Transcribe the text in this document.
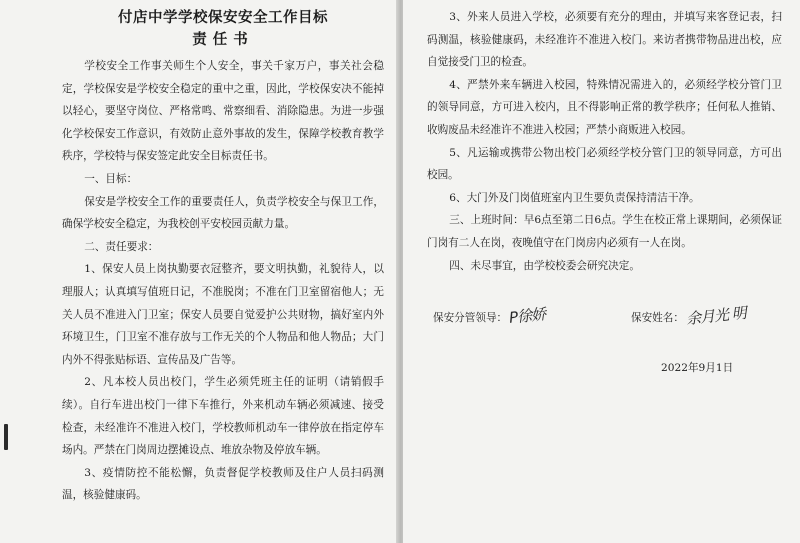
付店中学学校保安安全工作目标
责任书

学校安全工作事关师生个人安全，事关千家万户，事关社会稳定，学校保安是学校安全稳定的重中之重，因此，学校保安决不能掉以轻心，要坚守岗位、严格常鸣、常察细看、消除隐患。为进一步强化学校保安工作意识，有效防止意外事故的发生，保障学校教育教学秩序，学校特与保安签定此安全目标责任书。

一、目标：

保安是学校安全工作的重要责任人，负责学校安全与保卫工作，确保学校安全稳定，为我校创平安校园贡献力量。

二、责任要求：

1、保安人员上岗执勤要衣冠整齐，要文明执勤，礼貌待人，以理服人；认真填写值班日记，不准脱岗；不准在门卫室留宿他人；无关人员不准进入门卫室；保安人员要自觉爱护公共财物，搞好室内外环境卫生，门卫室不准存放与工作无关的个人物品和他人物品；大门内外不得张贴标语、宣传品及广告等。

2、凡本校人员出校门，学生必须凭班主任的证明（请销假手续）。自行车进出校门一律下车推行，外来机动车辆必须减速、接受检查，未经准许不准进入校门，学校教师机动车一律停放在指定停车场内。严禁在门岗周边摆摊设点、堆放杂物及停放车辆。

3、疫情防控不能松懈，负责督促学校教师及住户人员扫码测温，核验健康码。

3、外来人员进入学校，必须要有充分的理由，并填写来客登记表，扫码测温，核验健康码，未经准许不准进入校门。来访者携带物品进出校，应自觉接受门卫的检查。

4、严禁外来车辆进入校园，特殊情况需进入的，必须经学校分管门卫的领导同意，方可进入校内，且不得影响正常的教学秩序；任何私人推销、收购废品未经准许不准进入校园；严禁小商贩进入校园。

5、凡运输或携带公物出校门必须经学校分管门卫的领导同意，方可出校园。

6、大门外及门岗值班室内卫生要负责保持清洁干净。

三、上班时间：早6点至第二日6点。学生在校正常上课期间，必须保证门岗有二人在岗，夜晚值守在门岗房内必须有一人在岗。

四、未尽事宜，由学校校委会研究决定。

保安分管领导：P徐娇	保安姓名：余月光 明
2022年9月1日
